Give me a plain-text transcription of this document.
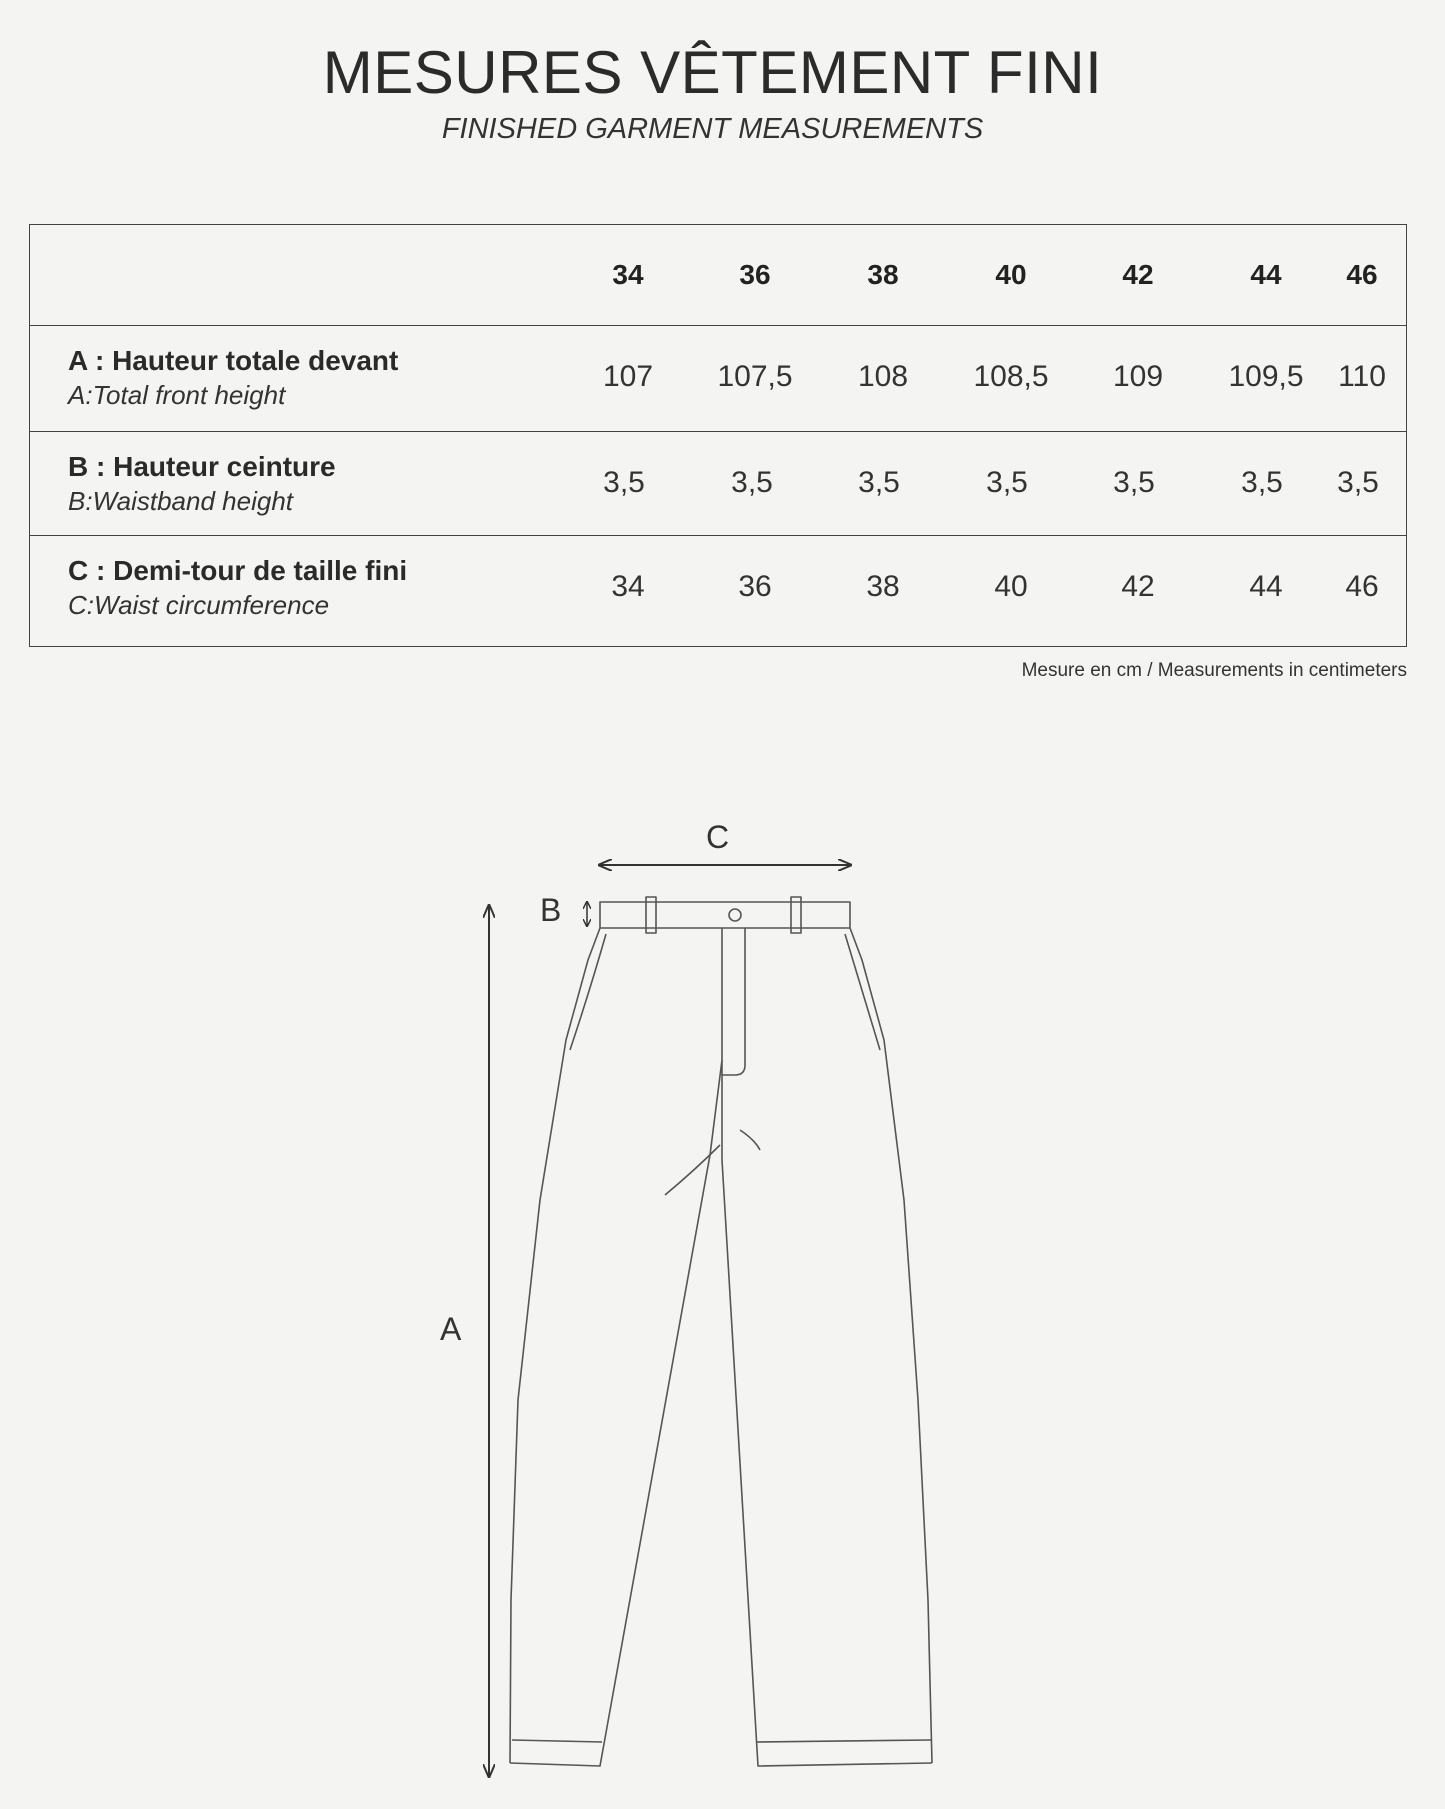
MESURES VÊTEMENT FINI
FINISHED GARMENT MEASUREMENTS
34	36	38	40	42	44	46
A : Hauteur totale devant
A:Total front height
107	107,5	108	108,5	109	109,5	110
B : Hauteur ceinture
B:Waistband height
3,5	3,5	3,5	3,5	3,5	3,5	3,5
C : Demi-tour de taille fini
C:Waist circumference
34	36	38	40	42	44	46
Mesure en cm / Measurements in centimeters
C
B
A
